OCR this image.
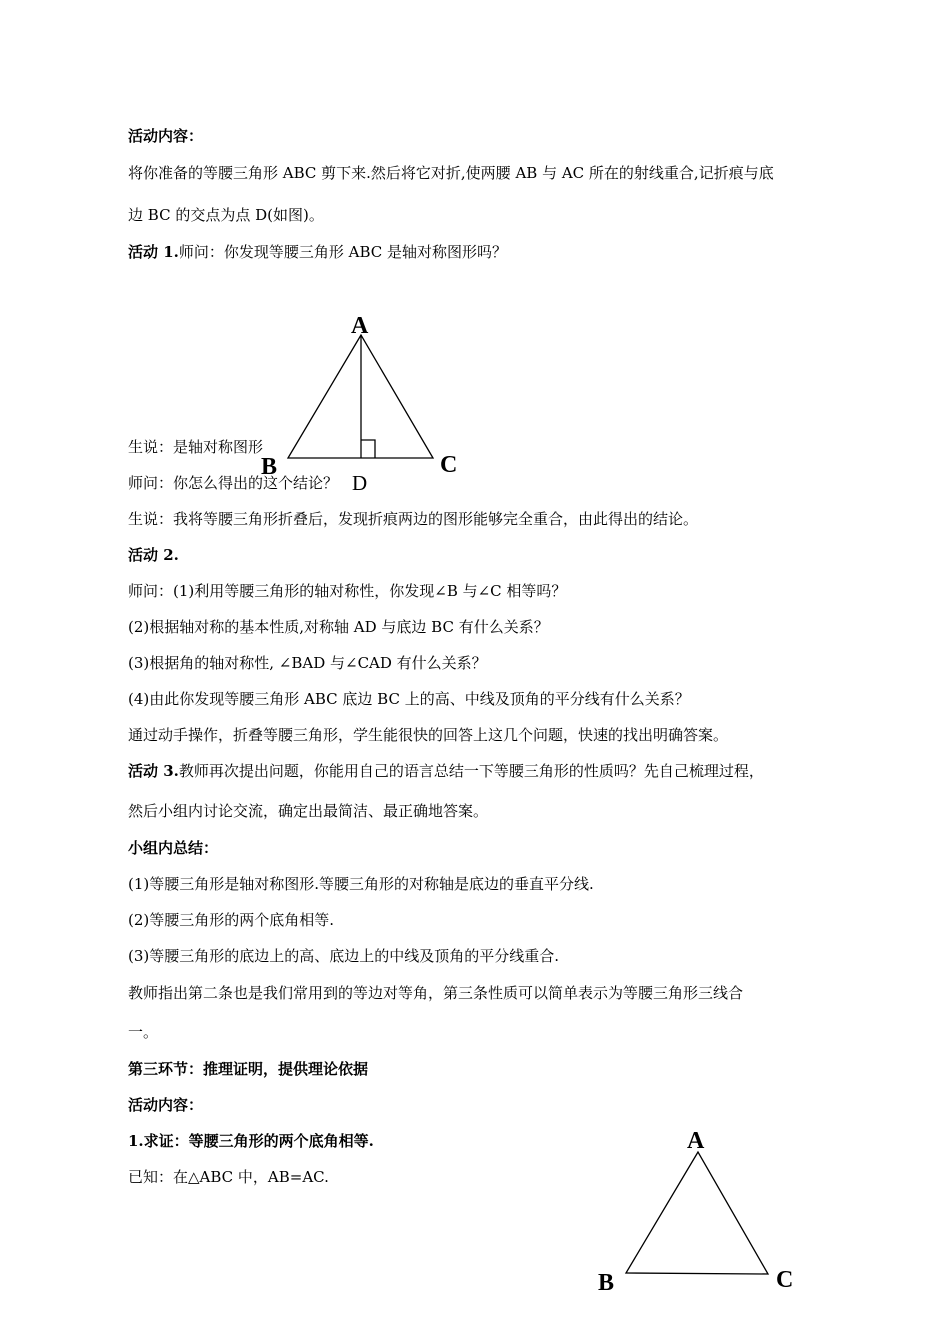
活动内容：
将你准备的等腰三角形 ABC 剪下来.然后将它对折,使两腰 AB 与 AC 所在的射线重合,记折痕与底
边 BC 的交点为点 D(如图)。
活动 1.师问：你发现等腰三角形 ABC 是轴对称图形吗？
生说：是轴对称图形
师问：你怎么得出的这个结论？
生说：我将等腰三角形折叠后，发现折痕两边的图形能够完全重合，由此得出的结论。
活动 2.
师问：(1)利用等腰三角形的轴对称性，你发现∠B 与∠C 相等吗？
(2)根据轴对称的基本性质,对称轴 AD 与底边 BC 有什么关系？
(3)根据角的轴对称性, ∠BAD 与∠CAD 有什么关系？
(4)由此你发现等腰三角形 ABC 底边 BC 上的高、中线及顶角的平分线有什么关系？
通过动手操作，折叠等腰三角形，学生能很快的回答上这几个问题，快速的找出明确答案。
活动 3.教师再次提出问题，你能用自己的语言总结一下等腰三角形的性质吗？先自己梳理过程，
然后小组内讨论交流，确定出最简洁、最正确地答案。
小组内总结：
(1)等腰三角形是轴对称图形.等腰三角形的对称轴是底边的垂直平分线.
(2)等腰三角形的两个底角相等.
(3)等腰三角形的底边上的高、底边上的中线及顶角的平分线重合.
教师指出第二条也是我们常用到的等边对等角，第三条性质可以简单表示为等腰三角形三线合
一。
第三环节：推理证明，提供理论依据
活动内容：
1.求证：等腰三角形的两个底角相等.
已知：在△ABC 中，AB=AC.
A
B	C
D
A
B	C
